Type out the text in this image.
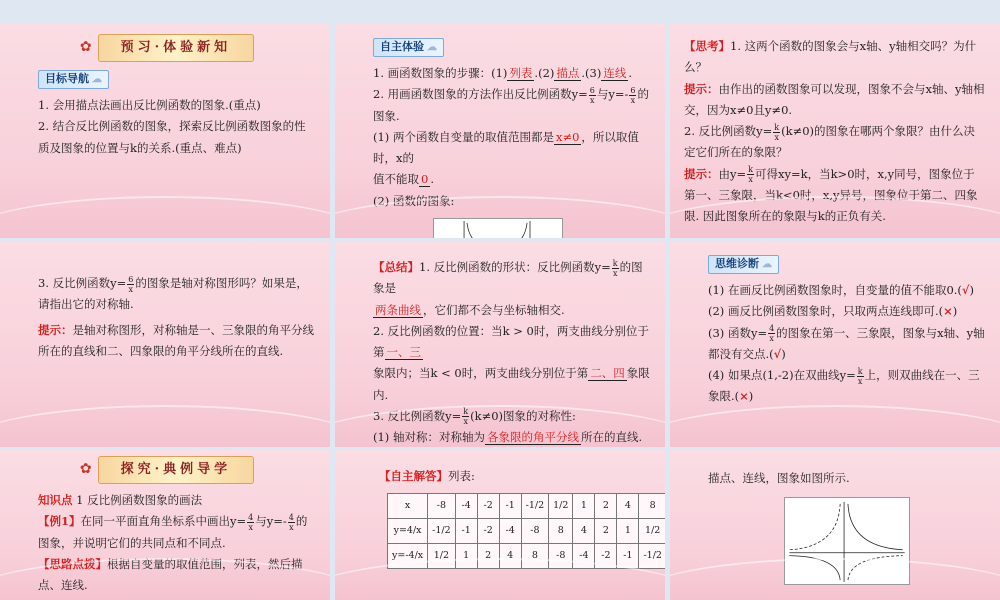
✿	预习·体验新知
目标导航 ☁

1. 会用描点法画出反比例函数的图象.(重点)

2. 结合反比例函数的图象，探索反比例函数图象的性质及图象的位置与k的关系.(重点、难点)

自主体验 ☁

1. 画函数图象的步骤：(1) 列表 .(2) 描点 .(3) 连线 .

2. 用画函数图象的方法作出反比例函数$y= \frac{6}{x}$ 与$y=- \frac{6}{x}$ 的图象.

(1) 两个函数自变量的取值范围都是 x≠0 ，所以取值时，x的

值不能取 0 .

(2) 函数的图象:

【思考】1. 这两个函数的图象会与x轴、y轴相交吗？为什么？

提示：由作出的函数图象可以发现，图象不会与x轴、y轴相交，因为x≠0且y≠0.

2. 反比例函数$y= \frac{k}{x} (k\ne 0)$的图象在哪两个象限？由什么决定它们所在的象限？

提示：由$y= \frac{k}{x}$ 可得xy=k，当k>0时，x,y同号，图象位于第一、三象限，当k<0时，x,y异号，图象位于第二、四象限. 因此图象所在的象限与k的正负有关.

3. 反比例函数$y= \frac{6}{x}$ 的图象是轴对称图形吗？如果是，请指出它的对称轴.

提示：是轴对称图形，对称轴是一、三象限的角平分线所在的直线和二、四象限的角平分线所在的直线.

【总结】1. 反比例函数的形状：反比例函数$y= \frac{k}{x}$ 的图象是

两条曲线 ，它们都不会与坐标轴相交.

2. 反比例函数的位置：当k > 0时，两支曲线分别位于第 一、三

象限内；当k < 0时，两支曲线分别位于第 二、四 象限内.

3. 反比例函数$y= \frac{k}{x} (k\ne 0)$图象的对称性:

(1) 轴对称：对称轴为 各象限的角平分线 所在的直线.

思维诊断 ☁

(1) 在画反比例函数图象时，自变量的值不能取0.(√)

(2) 画反比例函数图象时，只取两点连线即可.(×)

(3) 函数$y= \frac{4}{x}$ 的图象在第一、三象限，图象与x轴、y轴都没有交点.(√)

(4) 如果点(1,-2)在双曲线$y= \frac{k}{x}$ 上，则双曲线在一、三象限.(×)

✿	探究·典例导学

知识点 1 反比例函数图象的画法

【例1】在同一平面直角坐标系中画出$y= \frac{4}{x}$ 与$y=- \frac{4}{x}$ 的图象，并说明它们的共同点和不同点.

【思路点拨】根据自变量的取值范围，列表，然后描点、连线.

【自主解答】列表:

x	-8	-4	-2	-1	-1/2	1/2	1	2	4	8
y=4/x	-1/2	-1	-2	-4	-8	8	4	2	1	1/2
y=-4/x	1/2	1	2	4	8	-8	-4	-2	-1	-1/2

描点、连线，图象如图所示.
